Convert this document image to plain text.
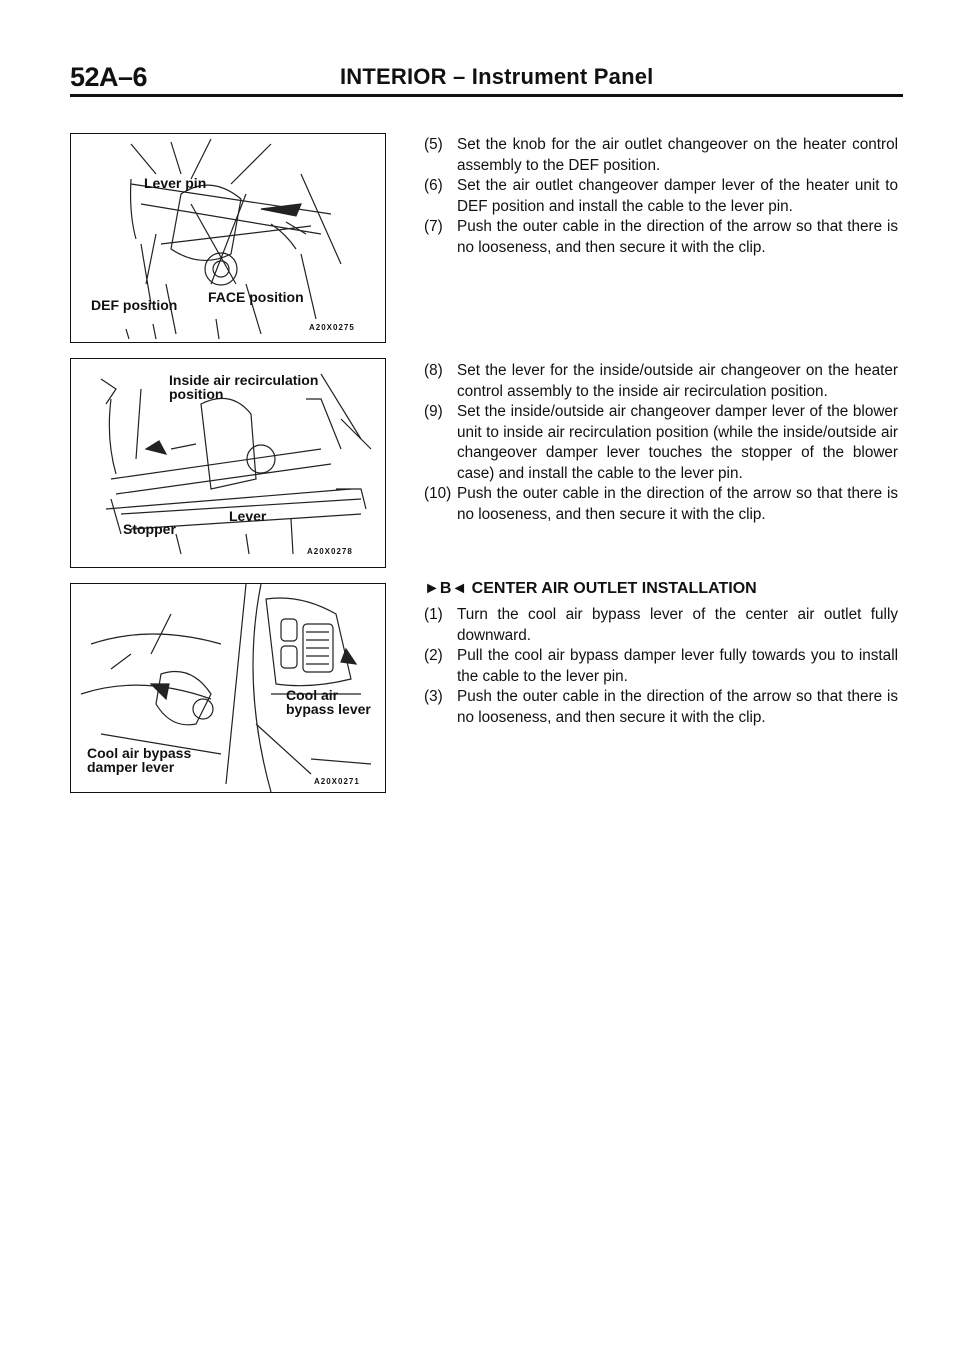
52A–6	INTERIOR – Instrument Panel
Lever pin
DEF position FACE position
A20X0275
Inside air recirculation
position
Stopper
Lever
A20X0278
Cool air
bypass lever
Cool air bypass
damper lever
A20X0271
(5) Set the knob for the air outlet changeover on the heater control assembly to the DEF position.
(6) Set the air outlet changeover damper lever of the heater unit to DEF position and install the cable to the lever pin.
(7) Push the outer cable in the direction of the arrow so that there is no looseness, and then secure it with the clip.
(8) Set the lever for the inside/outside air changeover on the heater control assembly to the inside air recirculation position.
(9) Set the inside/outside air changeover damper lever of the blower unit to inside air recirculation position (while the inside/outside air changeover damper lever touches the stopper of the blower case) and install the cable to the lever pin.
(10) Push the outer cable in the direction of the arrow so that there is no looseness, and then secure it with the clip.
►B◄ CENTER AIR OUTLET INSTALLATION
(1) Turn the cool air bypass lever of the center air outlet fully downward.
(2) Pull the cool air bypass damper lever fully towards you to install the cable to the lever pin.
(3) Push the outer cable in the direction of the arrow so that there is no looseness, and then secure it with the clip.
